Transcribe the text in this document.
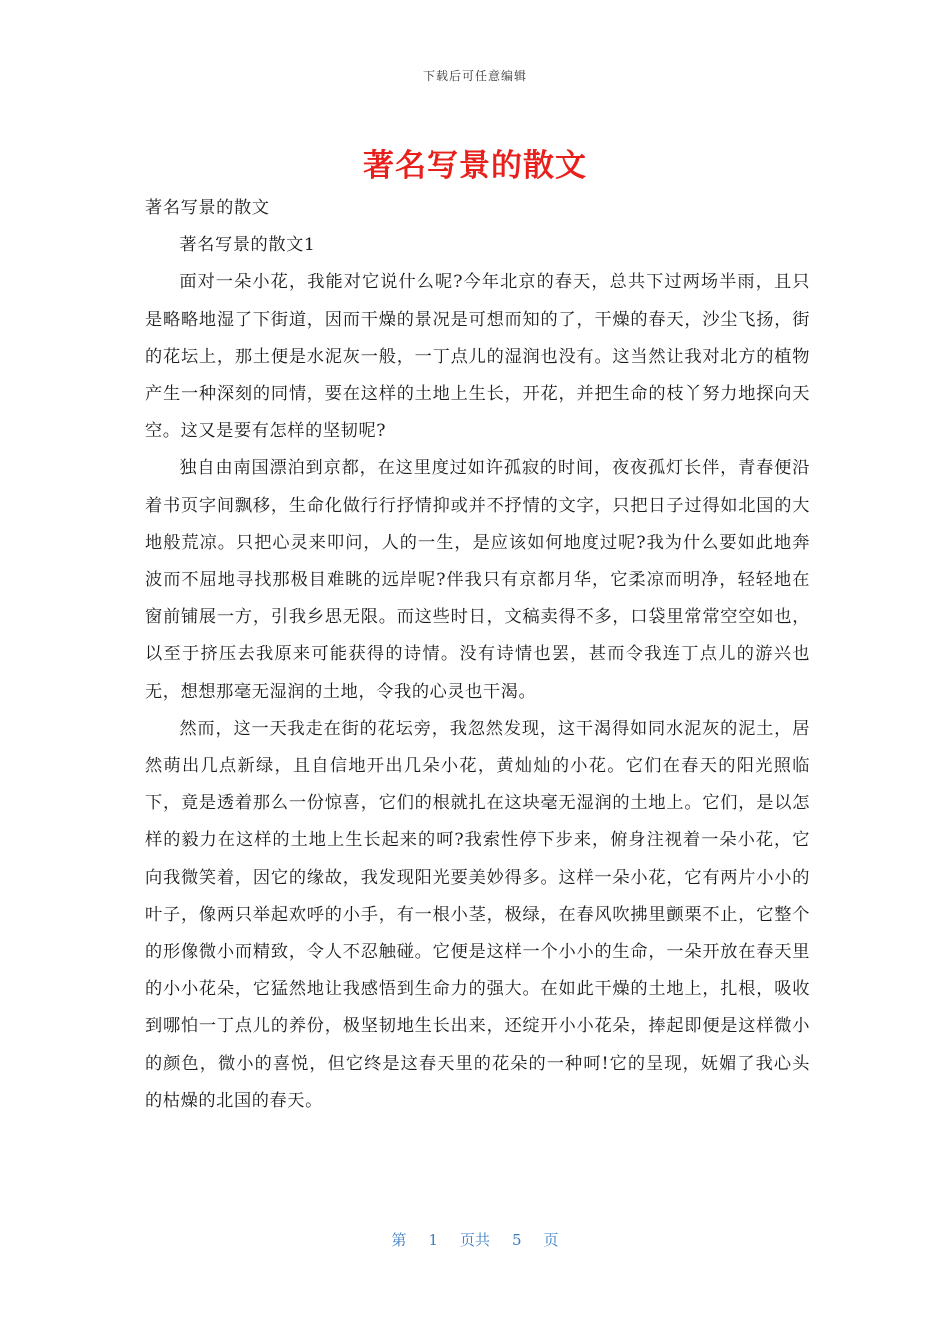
下载后可任意编辑
著名写景的散文

著名写景的散文

著名写景的散文1

面对一朵小花，我能对它说什么呢?今年北京的春天，总共下过两场半雨，且只是略略地湿了下街道，因而干燥的景况是可想而知的了，干燥的春天，沙尘飞扬，街的花坛上，那土便是水泥灰一般，一丁点儿的湿润也没有。这当然让我对北方的植物产生一种深刻的同情，要在这样的土地上生长，开花，并把生命的枝丫努力地探向天空。这又是要有怎样的坚韧呢?

独自由南国漂泊到京都，在这里度过如许孤寂的时间，夜夜孤灯长伴，青春便沿着书页字间飘移，生命化做行行抒情抑或并不抒情的文字，只把日子过得如北国的大地般荒凉。只把心灵来叩问，人的一生，是应该如何地度过呢?我为什么要如此地奔波而不屈地寻找那极目难眺的远岸呢?伴我只有京都月华，它柔凉而明净，轻轻地在窗前铺展一方，引我乡思无限。而这些时日，文稿卖得不多，口袋里常常空空如也，以至于挤压去我原来可能获得的诗情。没有诗情也罢，甚而令我连丁点儿的游兴也无，想想那毫无湿润的土地，令我的心灵也干渴。

然而，这一天我走在街的花坛旁，我忽然发现，这干渴得如同水泥灰的泥土，居然萌出几点新绿，且自信地开出几朵小花，黄灿灿的小花。它们在春天的阳光照临下，竟是透着那么一份惊喜，它们的根就扎在这块毫无湿润的土地上。它们，是以怎样的毅力在这样的土地上生长起来的呵?我索性停下步来，俯身注视着一朵小花，它向我微笑着，因它的缘故，我发现阳光要美妙得多。这样一朵小花，它有两片小小的叶子，像两只举起欢呼的小手，有一根小茎，极绿，在春风吹拂里颤栗不止，它整个的形像微小而精致，令人不忍触碰。它便是这样一个小小的生命，一朵开放在春天里的小小花朵，它猛然地让我感悟到生命力的强大。在如此干燥的土地上，扎根，吸收到哪怕一丁点儿的养份，极坚韧地生长出来，还绽开小小花朵，捧起即便是这样微小的颜色，微小的喜悦，但它终是这春天里的花朵的一种呵!它的呈现，妩媚了我心头的枯燥的北国的春天。

第 1 页共 5 页
